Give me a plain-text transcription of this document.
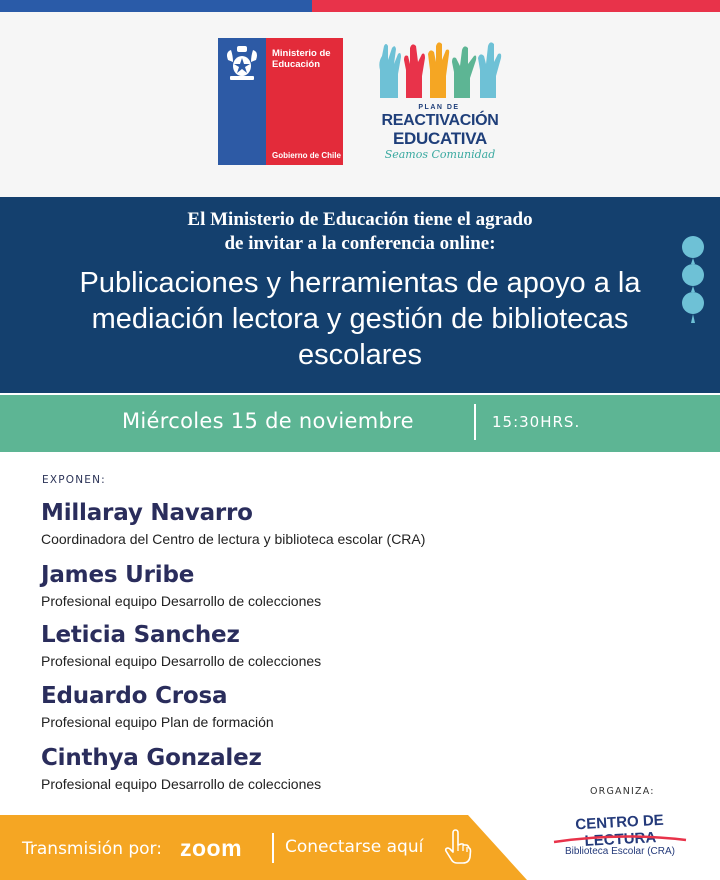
Ministerio de Educación
Gobierno de Chile
PLAN DE
REACTIVACIÓN
EDUCATIVA
Seamos Comunidad
El Ministerio de Educación tiene el agrado
de invitar a la conferencia online:
Publicaciones y herramientas de apoyo a la mediación lectora y gestión de bibliotecas escolares
Miércoles 15 de noviembre	15:30HRS.
EXPONEN:
Millaray Navarro
Coordinadora del Centro de lectura y biblioteca escolar (CRA)
James Uribe
Profesional equipo Desarrollo de colecciones
Leticia Sanchez
Profesional equipo Desarrollo de colecciones
Eduardo Crosa
Profesional equipo Plan de formación
Cinthya Gonzalez
Profesional equipo Desarrollo de colecciones
Transmisión por: zoom	Conectarse aquí
ORGANIZA:
CENTRO DE LECTURA
Biblioteca Escolar (CRA)
